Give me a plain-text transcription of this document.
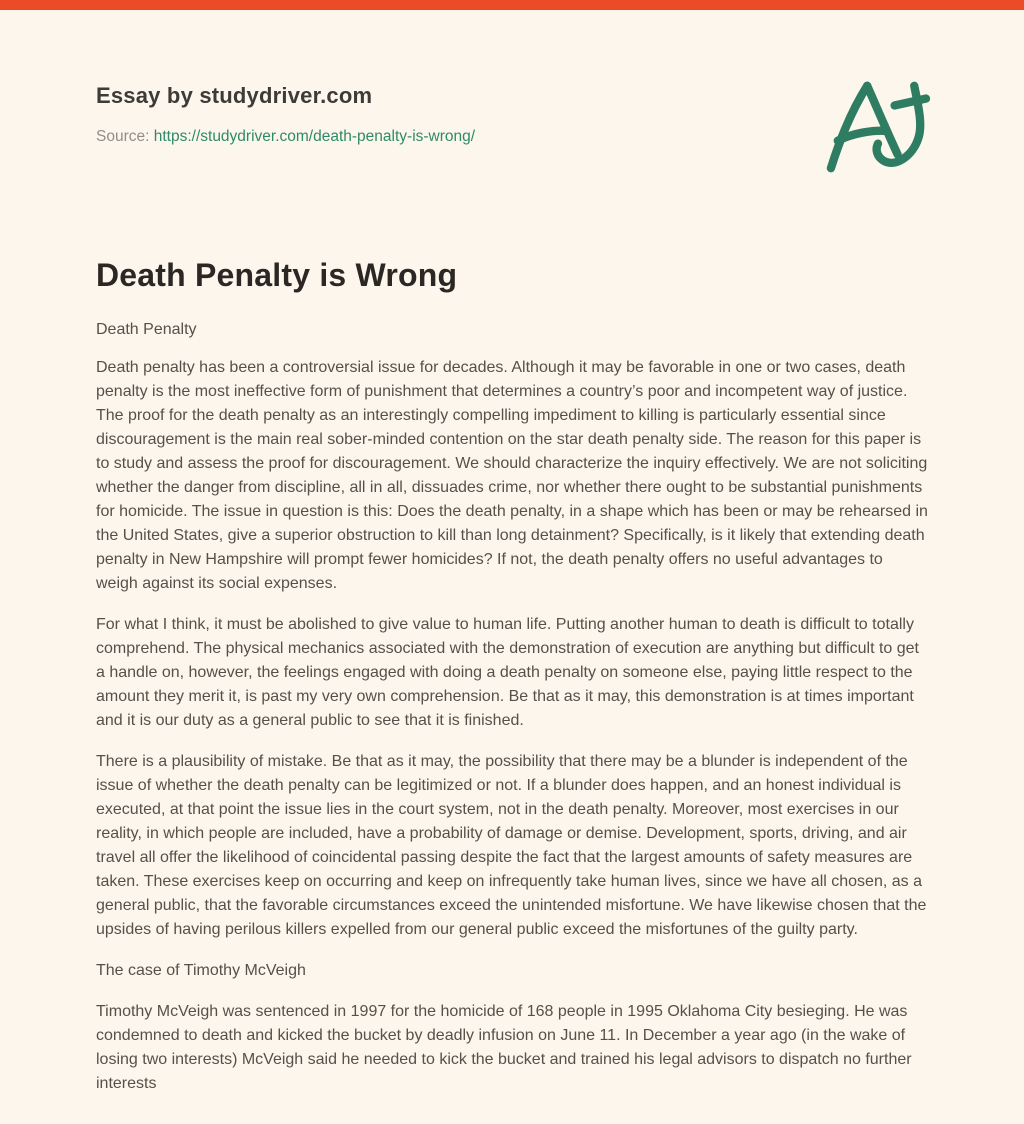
Essay by studydriver.com
Source: https://studydriver.com/death-penalty-is-wrong/
Death Penalty is Wrong
Death Penalty

Death penalty has been a controversial issue for decades. Although it may be favorable in one or two cases, death penalty is the most ineffective form of punishment that determines a country’s poor and incompetent way of justice. The proof for the death penalty as an interestingly compelling impediment to killing is particularly essential since discouragement is the main real sober-minded contention on the star death penalty side. The reason for this paper is to study and assess the proof for discouragement. We should characterize the inquiry effectively. We are not soliciting whether the danger from discipline, all in all, dissuades crime, nor whether there ought to be substantial punishments for homicide. The issue in question is this: Does the death penalty, in a shape which has been or may be rehearsed in the United States, give a superior obstruction to kill than long detainment? Specifically, is it likely that extending death penalty in New Hampshire will prompt fewer homicides? If not, the death penalty offers no useful advantages to weigh against its social expenses.

For what I think, it must be abolished to give value to human life. Putting another human to death is difficult to totally comprehend. The physical mechanics associated with the demonstration of execution are anything but difficult to get a handle on, however, the feelings engaged with doing a death penalty on someone else, paying little respect to the amount they merit it, is past my very own comprehension. Be that as it may, this demonstration is at times important and it is our duty as a general public to see that it is finished.

There is a plausibility of mistake. Be that as it may, the possibility that there may be a blunder is independent of the issue of whether the death penalty can be legitimized or not. If a blunder does happen, and an honest individual is executed, at that point the issue lies in the court system, not in the death penalty. Moreover, most exercises in our reality, in which people are included, have a probability of damage or demise. Development, sports, driving, and air travel all offer the likelihood of coincidental passing despite the fact that the largest amounts of safety measures are taken. These exercises keep on occurring and keep on infrequently take human lives, since we have all chosen, as a general public, that the favorable circumstances exceed the unintended misfortune. We have likewise chosen that the upsides of having perilous killers expelled from our general public exceed the misfortunes of the guilty party.

The case of Timothy McVeigh

Timothy McVeigh was sentenced in 1997 for the homicide of 168 people in 1995 Oklahoma City besieging. He was condemned to death and kicked the bucket by deadly infusion on June 11. In December a year ago (in the wake of losing two interests) McVeigh said he needed to kick the bucket and trained his legal advisors to dispatch no further interests
